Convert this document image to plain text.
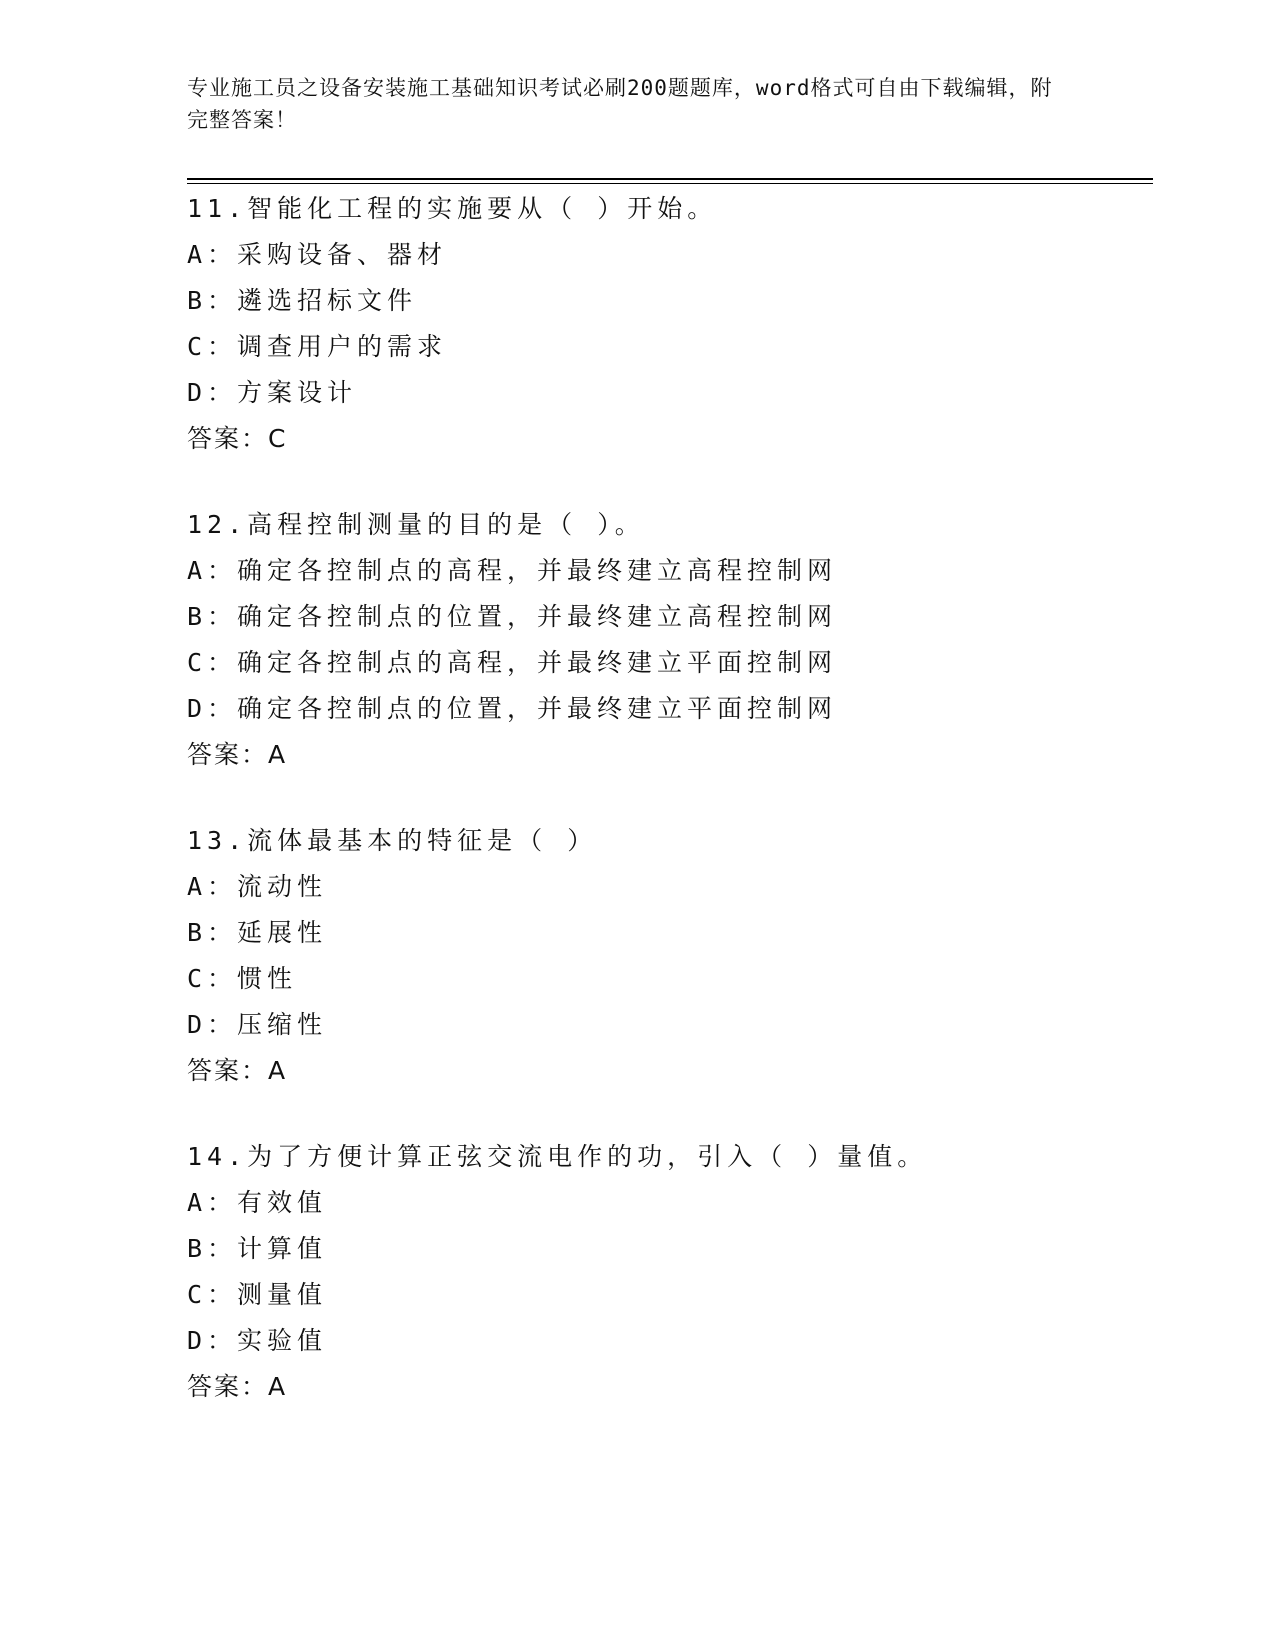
专业施工员之设备安装施工基础知识考试必刷200题题库，word格式可自由下载编辑，附完整答案！
11.智能化工程的实施要从（ ）开始。
A：采购设备、器材
B：遴选招标文件
C：调查用户的需求
D：方案设计
答案：C
12.高程控制测量的目的是（ ）。
A：确定各控制点的高程，并最终建立高程控制网
B：确定各控制点的位置，并最终建立高程控制网
C：确定各控制点的高程，并最终建立平面控制网
D：确定各控制点的位置，并最终建立平面控制网
答案：A
13.流体最基本的特征是（ ）
A：流动性
B：延展性
C：惯性
D：压缩性
答案：A
14.为了方便计算正弦交流电作的功，引入（ ）量值。
A：有效值
B：计算值
C：测量值
D：实验值
答案：A
